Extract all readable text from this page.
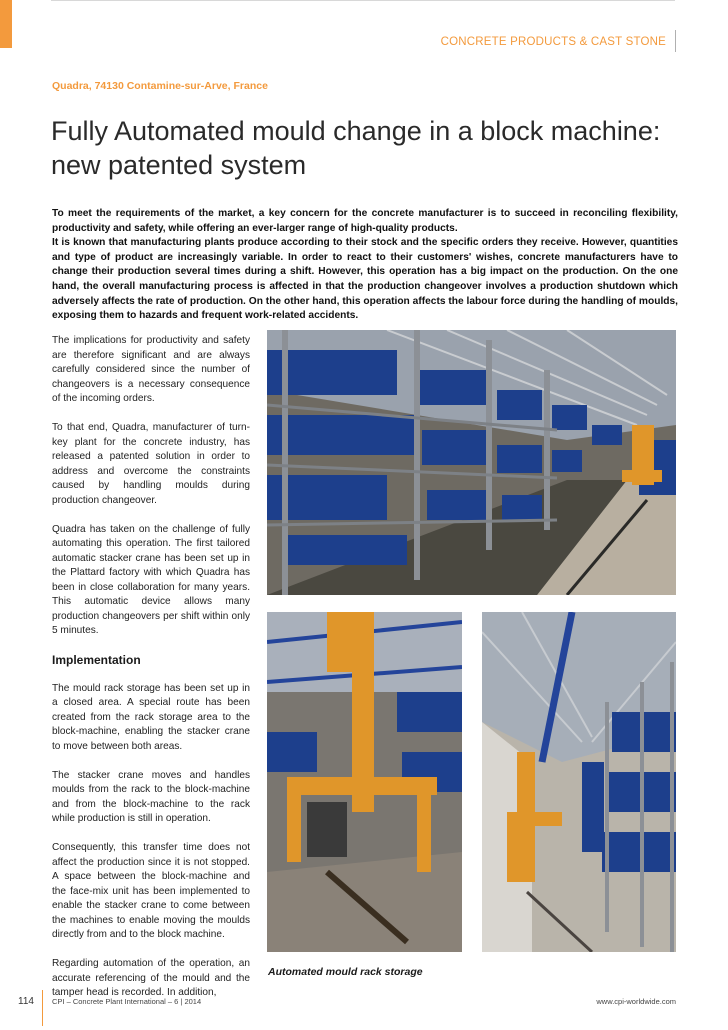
CONCRETE PRODUCTS & CAST STONE
Quadra, 74130 Contamine-sur-Arve, France
Fully Automated mould change in a block machine:
new patented system

To meet the requirements of the market, a key concern for the concrete manufacturer is to succeed in reconciling flexibility, productivity and safety, while offering an ever-larger range of high-quality products.

It is known that manufacturing plants produce according to their stock and the specific orders they receive. However, quantities and type of product are increasingly variable. In order to react to their customers' wishes, concrete manufacturers have to change their production several times during a shift. However, this operation has a big impact on the production. On the one hand, the overall manufacturing process is affected in that the production changeover involves a production shutdown which adversely affects the rate of production. On the other hand, this operation affects the labour force during the handling of moulds, exposing them to hazards and frequent work-related accidents.

The implications for productivity and safety are therefore significant and are always carefully considered since the number of changeovers is a necessary consequence of the incoming orders.

To that end, Quadra, manufacturer of turn-key plant for the concrete industry, has released a patented solution in order to address and overcome the constraints caused by handling moulds during production changeover.

Quadra has taken on the challenge of fully automating this operation. The first tailored automatic stacker crane has been set up in the Plattard factory with which Quadra has been in close collaboration for many years. This automatic device allows many production changeovers per shift within only 5 minutes.

Implementation

The mould rack storage has been set up in a closed area. A special route has been created from the rack storage area to the block-machine, enabling the stacker crane to move between both areas.

The stacker crane moves and handles moulds from the rack to the block-machine and from the block-machine to the rack while production is still in operation.

Consequently, this transfer time does not affect the production since it is not stopped. A space between the block-machine and the face-mix unit has been implemented to enable the stacker crane to come between the machines to enable moving the moulds directly from and to the block machine.

Regarding automation of the operation, an accurate referencing of the mould and the tamper head is recorded. In addition,

Automated mould rack storage
114 CPI – Concrete Plant International – 6 | 2014	www.cpi-worldwide.com
